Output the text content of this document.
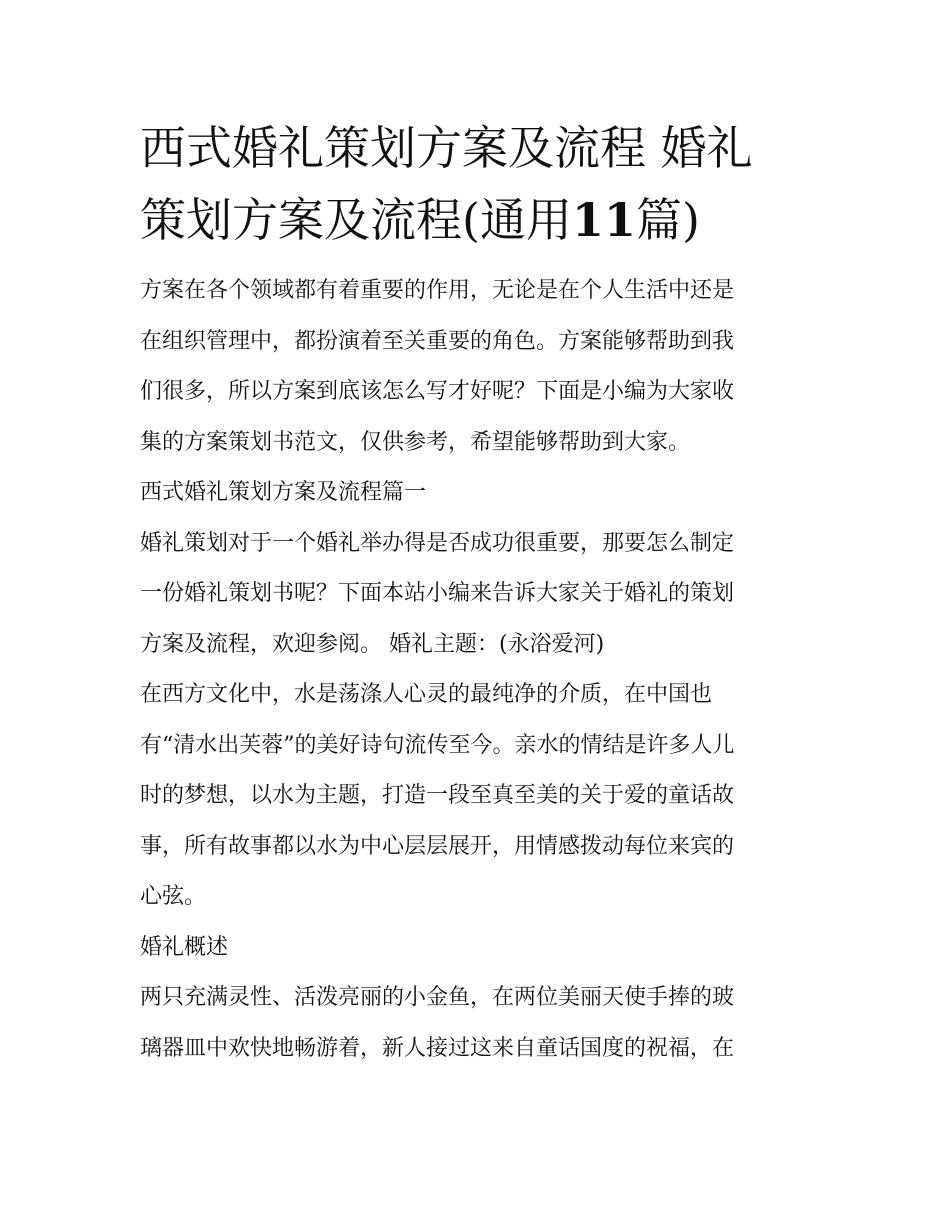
西式婚礼策划方案及流程 婚礼
策划方案及流程(通用11篇)

方案在各个领域都有着重要的作用，无论是在个人生活中还是
在组织管理中，都扮演着至关重要的角色。方案能够帮助到我
们很多，所以方案到底该怎么写才好呢？下面是小编为大家收
集的方案策划书范文，仅供参考，希望能够帮助到大家。

西式婚礼策划方案及流程篇一

婚礼策划对于一个婚礼举办得是否成功很重要，那要怎么制定
一份婚礼策划书呢？下面本站小编来告诉大家关于婚礼的策划
方案及流程，欢迎参阅。 婚礼主题：(永浴爱河)

在西方文化中，水是荡涤人心灵的最纯净的介质，在中国也
有“清水出芙蓉”的美好诗句流传至今。亲水的情结是许多人儿
时的梦想，以水为主题，打造一段至真至美的关于爱的童话故
事，所有故事都以水为中心层层展开，用情感拨动每位来宾的
心弦。

婚礼概述

两只充满灵性、活泼亮丽的小金鱼，在两位美丽天使手捧的玻
璃器皿中欢快地畅游着，新人接过这来自童话国度的祝福，在
